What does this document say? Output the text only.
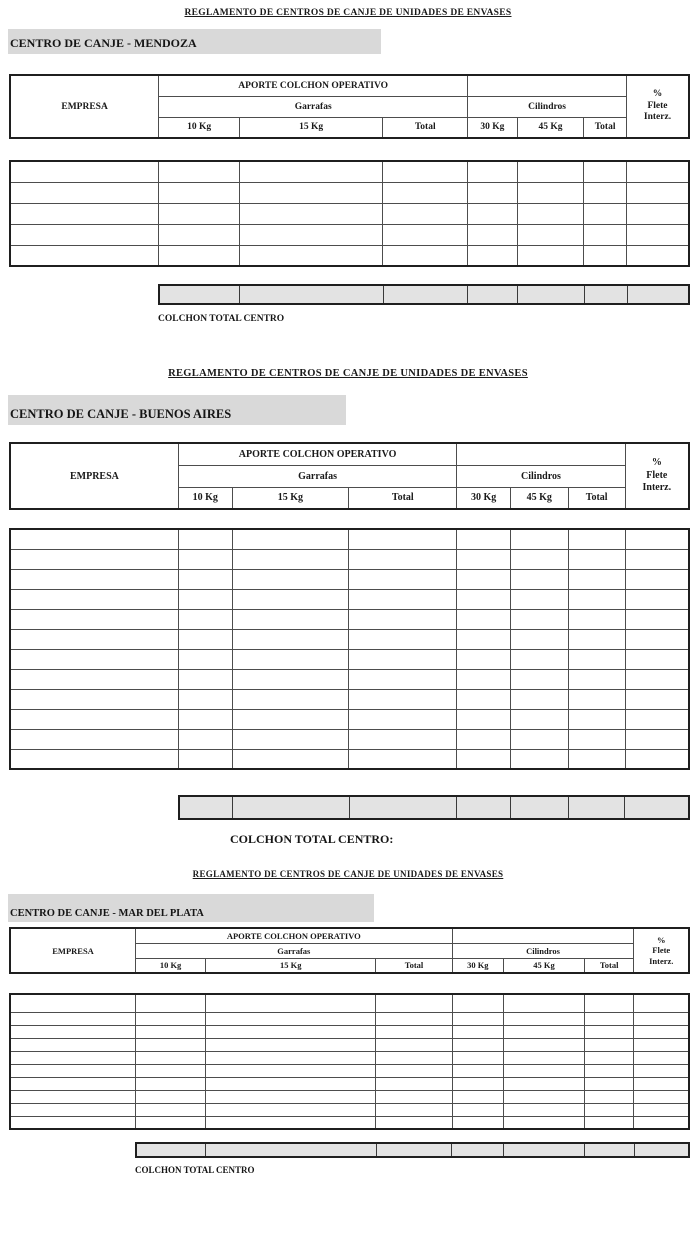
REGLAMENTO DE CENTROS DE CANJE DE UNIDADES DE ENVASES
CENTRO DE CANJE - MENDOZA
EMPRESA	APORTE COLCHON OPERATIVO						%
Flete
Interz.

	Garrafas			Cilindros			
	10 Kg	15 Kg	Total	30 Kg	45 Kg	Total	

COLCHON TOTAL CENTRO
REGLAMENTO DE CENTROS DE CANJE DE UNIDADES DE ENVASES
CENTRO DE CANJE - BUENOS AIRES
EMPRESA	APORTE COLCHON OPERATIVO						%
Flete
Interz.

	Garrafas			Cilindros			
	10 Kg	15 Kg	Total	30 Kg	45 Kg	Total	

COLCHON TOTAL CENTRO:
REGLAMENTO DE CENTROS DE CANJE DE UNIDADES DE ENVASES
CENTRO DE CANJE - MAR DEL PLATA
EMPRESA	APORTE COLCHON OPERATIVO						%
Flete
Interz.

	Garrafas			Cilindros			
	10 Kg	15 Kg	Total	30 Kg	45 Kg	Total	

COLCHON TOTAL CENTRO
